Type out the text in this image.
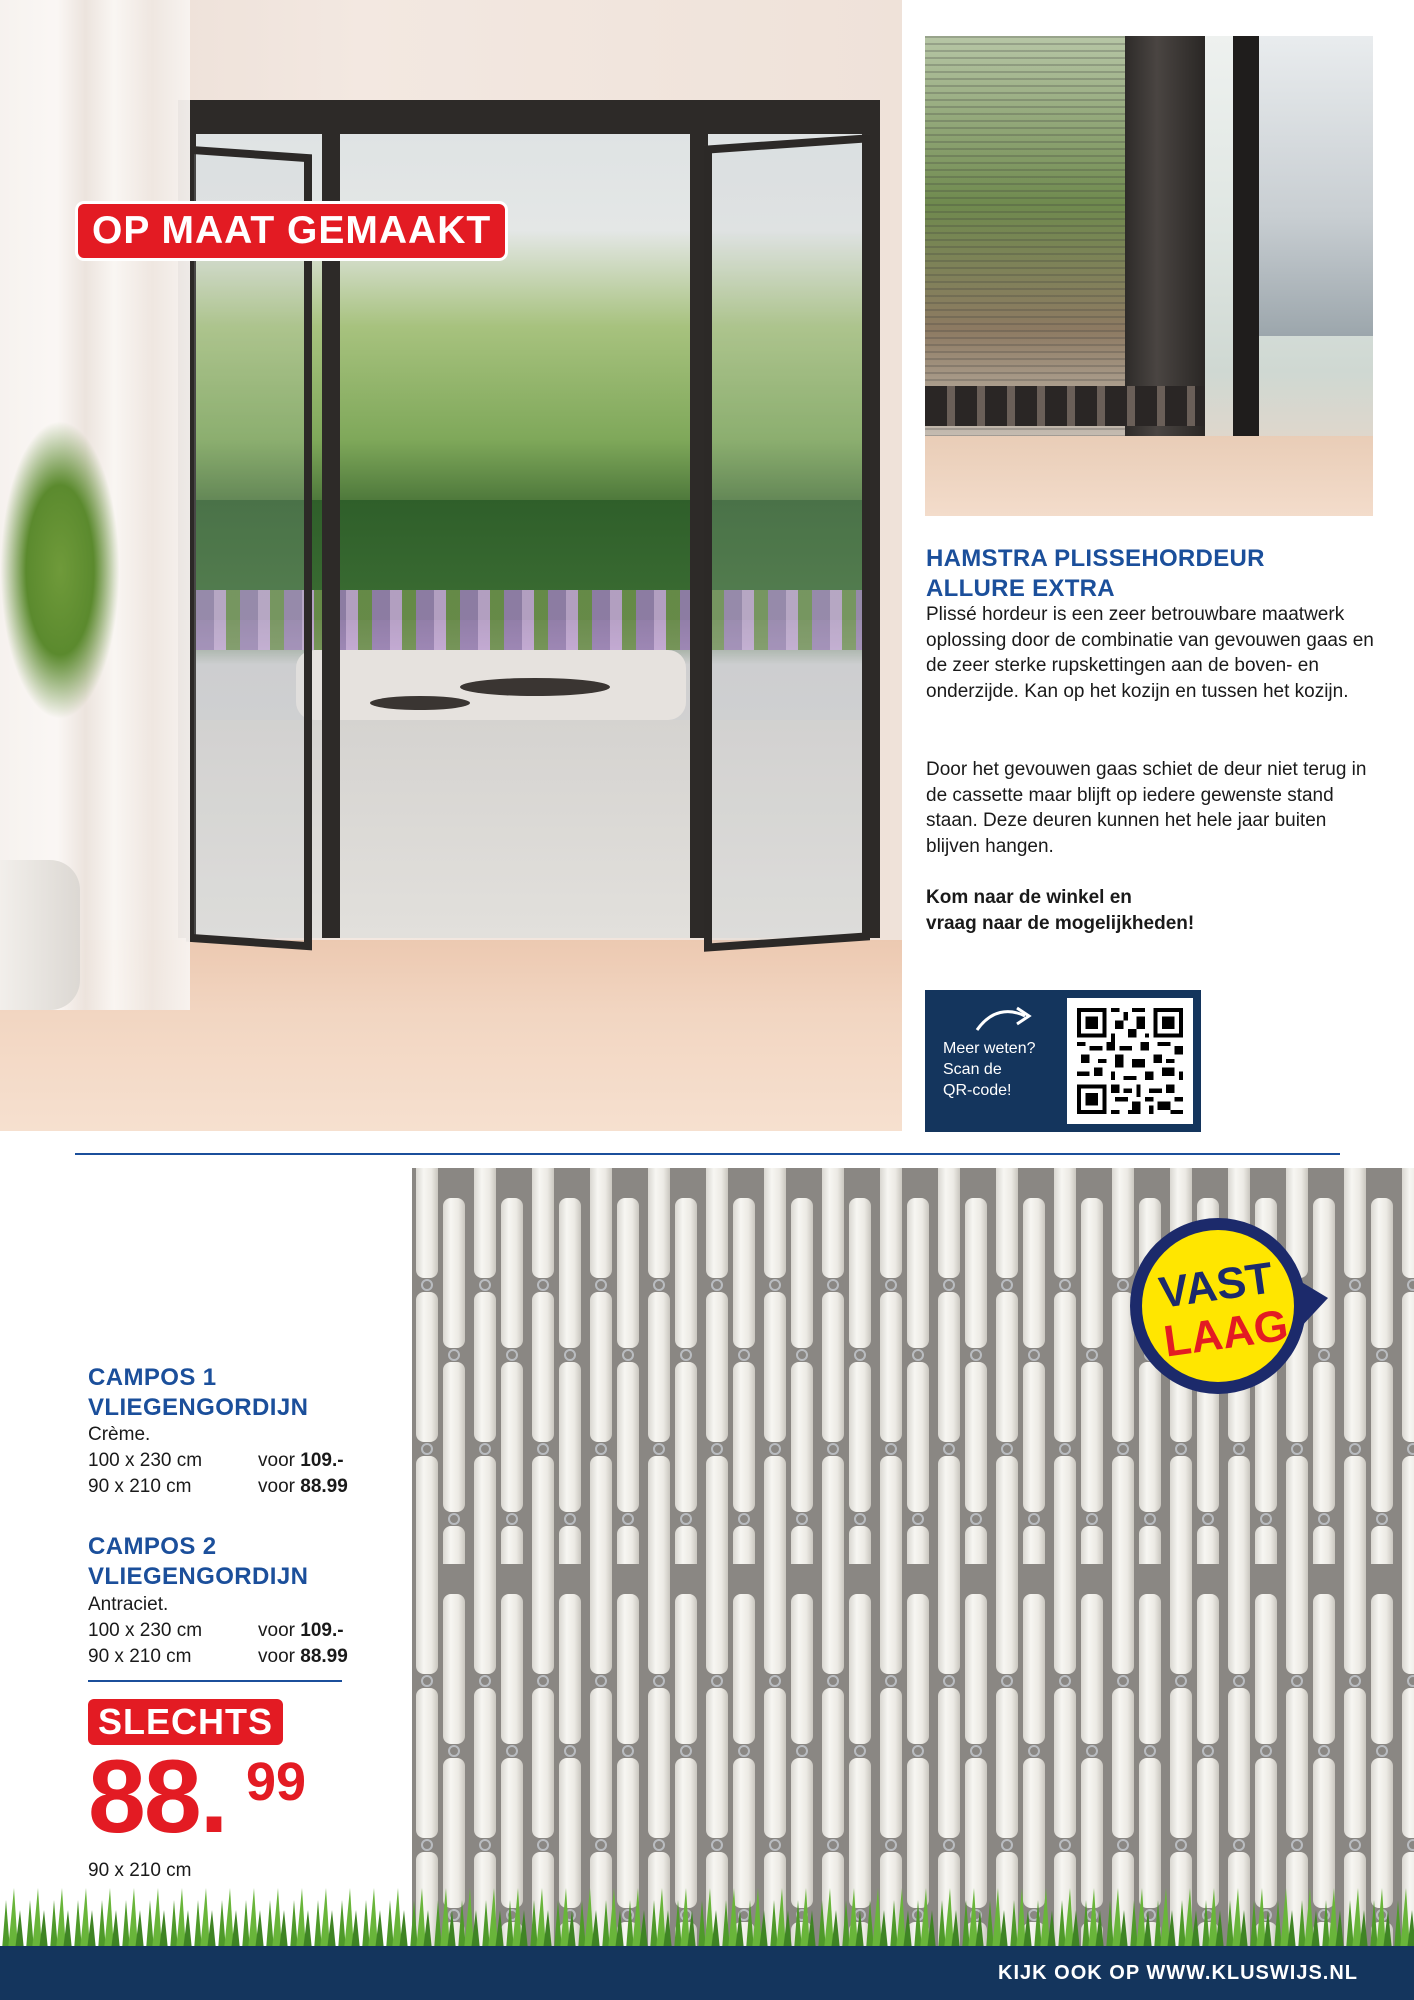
OP MAAT GEMAAKT
HAMSTRA PLISSEHORDEUR
ALLURE EXTRA
Plissé hordeur is een zeer betrouwbare maatwerk oplossing door de combinatie van gevouwen gaas en de zeer sterke rupskettingen aan de boven- en onderzijde. Kan op het kozijn en tussen het kozijn.
Door het gevouwen gaas schiet de deur niet terug in de cassette maar blijft op iedere gewenste stand staan. Deze deuren kunnen het hele jaar buiten blijven hangen.
Kom naar de winkel en
vraag naar de mogelijkheden!
Meer weten?
Scan de
QR-code!
VAST
LAAG
CAMPOS 1
VLIEGENGORDIJN
Crème.
100 x 230 cm	voor 109.-
90 x 210 cm	voor 88.99
CAMPOS 2
VLIEGENGORDIJN
Antraciet.
100 x 230 cm	voor 109.-
90 x 210 cm	voor 88.99
SLECHTS
88. 99
KIJK OOK OP WWW.KLUSWIJS.NL
